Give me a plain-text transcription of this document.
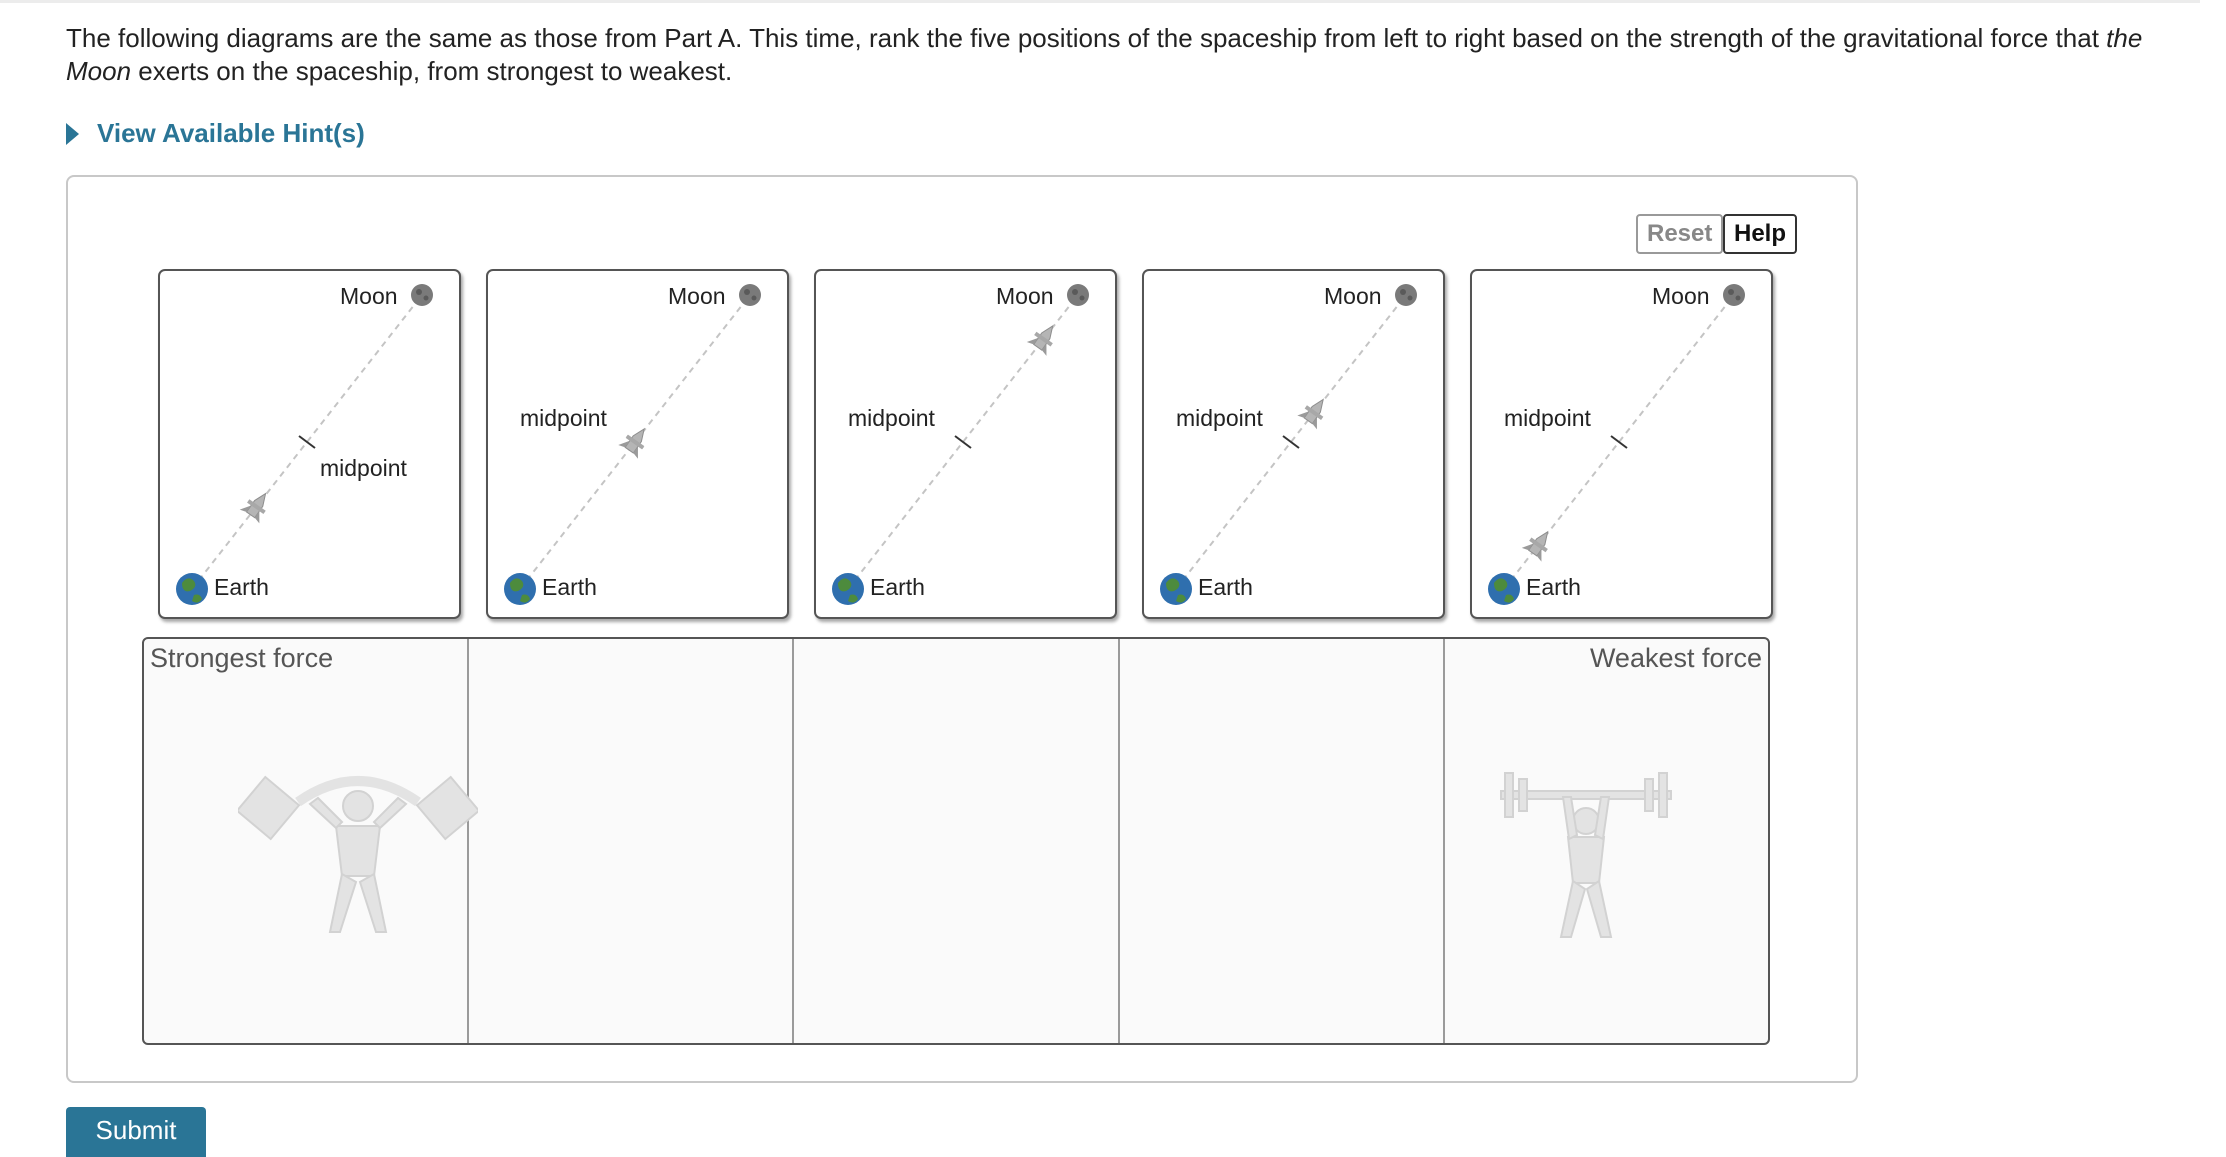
The following diagrams are the same as those from Part A. This time, rank the five positions of the spaceship from left to right based on the strength of the gravitational force that the Moon exerts on the spaceship, from strongest to weakest.
View Available Hint(s)
Reset Help
Moon
Earth
midpoint
Moon
Earth
midpoint
Moon
Earth
midpoint
Moon
Earth
midpoint
Moon
Earth
midpoint
Strongest force	Weakest force
Submit
